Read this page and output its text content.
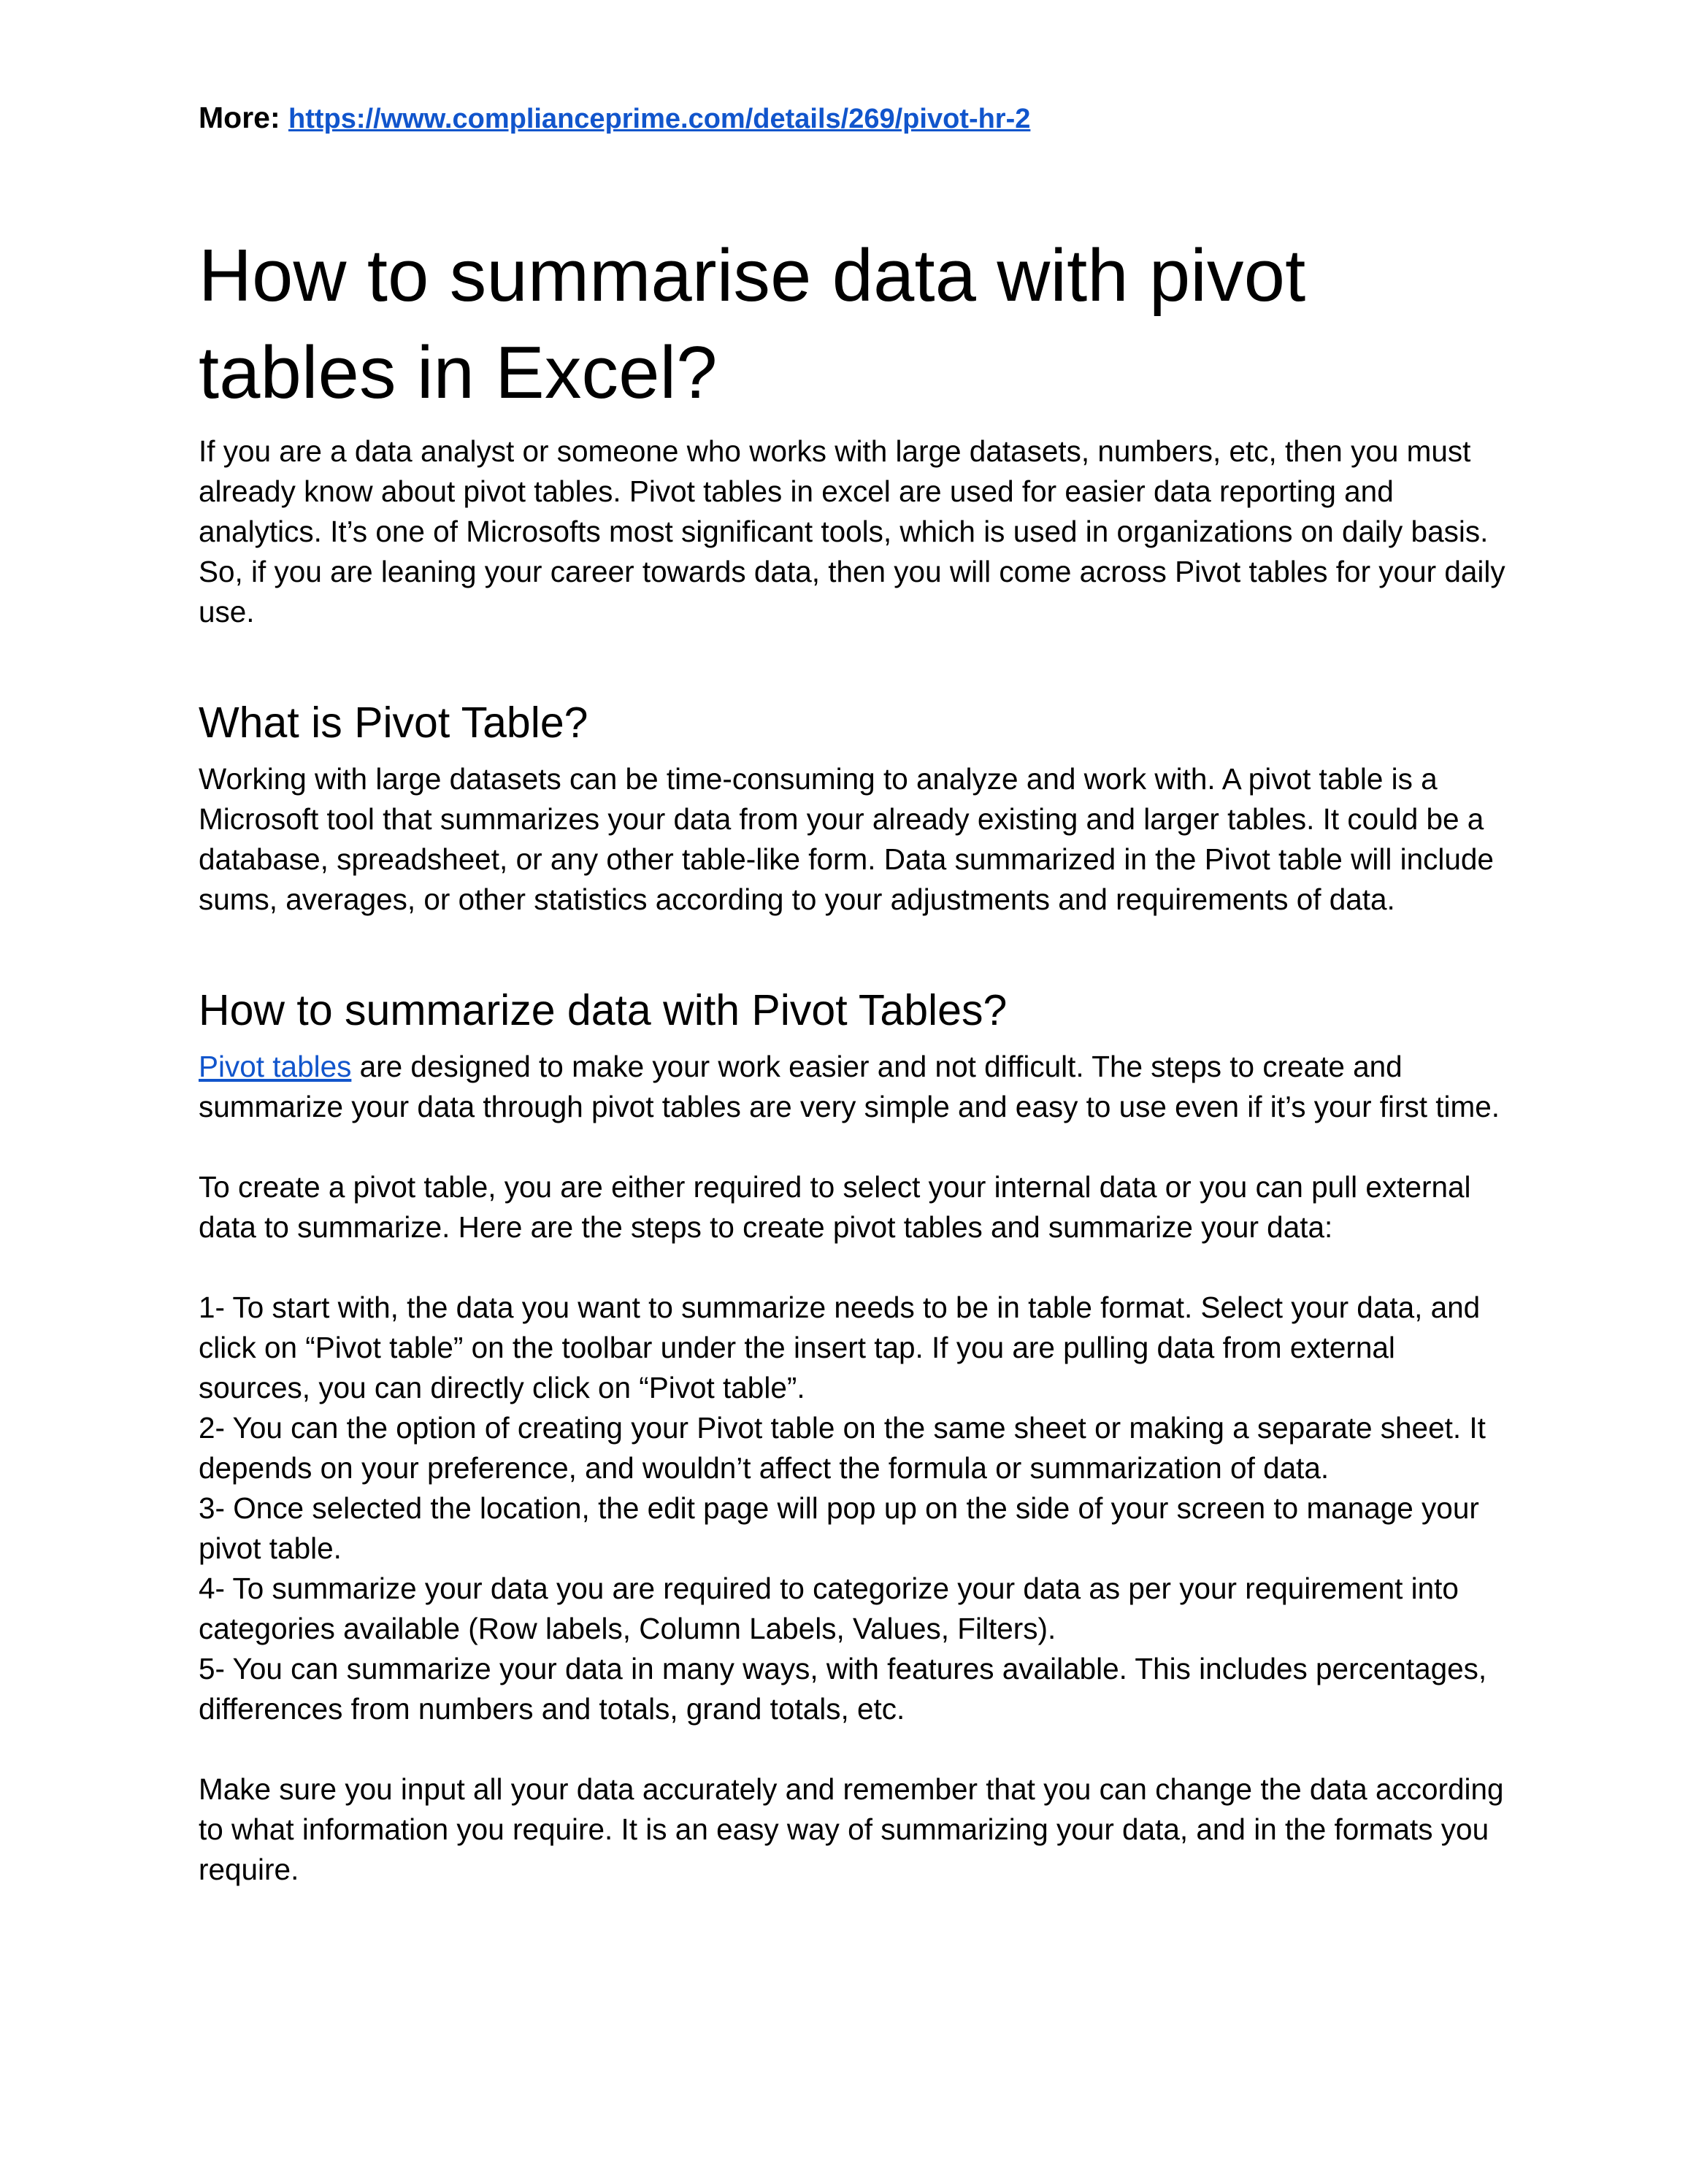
More: https://www.complianceprime.com/details/269/pivot-hr-2

How to summarise data with pivot tables in Excel?

If you are a data analyst or someone who works with large datasets, numbers, etc, then you must already know about pivot tables. Pivot tables in excel are used for easier data reporting and analytics. It’s one of Microsofts most significant tools, which is used in organizations on daily basis. So, if you are leaning your career towards data, then you will come across Pivot tables for your daily use.

What is Pivot Table?

Working with large datasets can be time-consuming to analyze and work with. A pivot table is a Microsoft tool that summarizes your data from your already existing and larger tables. It could be a database, spreadsheet, or any other table-like form. Data summarized in the Pivot table will include sums, averages, or other statistics according to your adjustments and requirements of data.

How to summarize data with Pivot Tables?

Pivot tables are designed to make your work easier and not difficult. The steps to create and summarize your data through pivot tables are very simple and easy to use even if it’s your first time.

To create a pivot table, you are either required to select your internal data or you can pull external data to summarize. Here are the steps to create pivot tables and summarize your data:

1- To start with, the data you want to summarize needs to be in table format. Select your data, and click on “Pivot table” on the toolbar under the insert tap. If you are pulling data from external sources, you can directly click on “Pivot table”.

2- You can the option of creating your Pivot table on the same sheet or making a separate sheet. It depends on your preference, and wouldn’t affect the formula or summarization of data.

3- Once selected the location, the edit page will pop up on the side of your screen to manage your pivot table.

4- To summarize your data you are required to categorize your data as per your requirement into categories available (Row labels, Column Labels, Values, Filters).

5- You can summarize your data in many ways, with features available. This includes percentages, differences from numbers and totals, grand totals, etc.

Make sure you input all your data accurately and remember that you can change the data according to what information you require. It is an easy way of summarizing your data, and in the formats you require.
